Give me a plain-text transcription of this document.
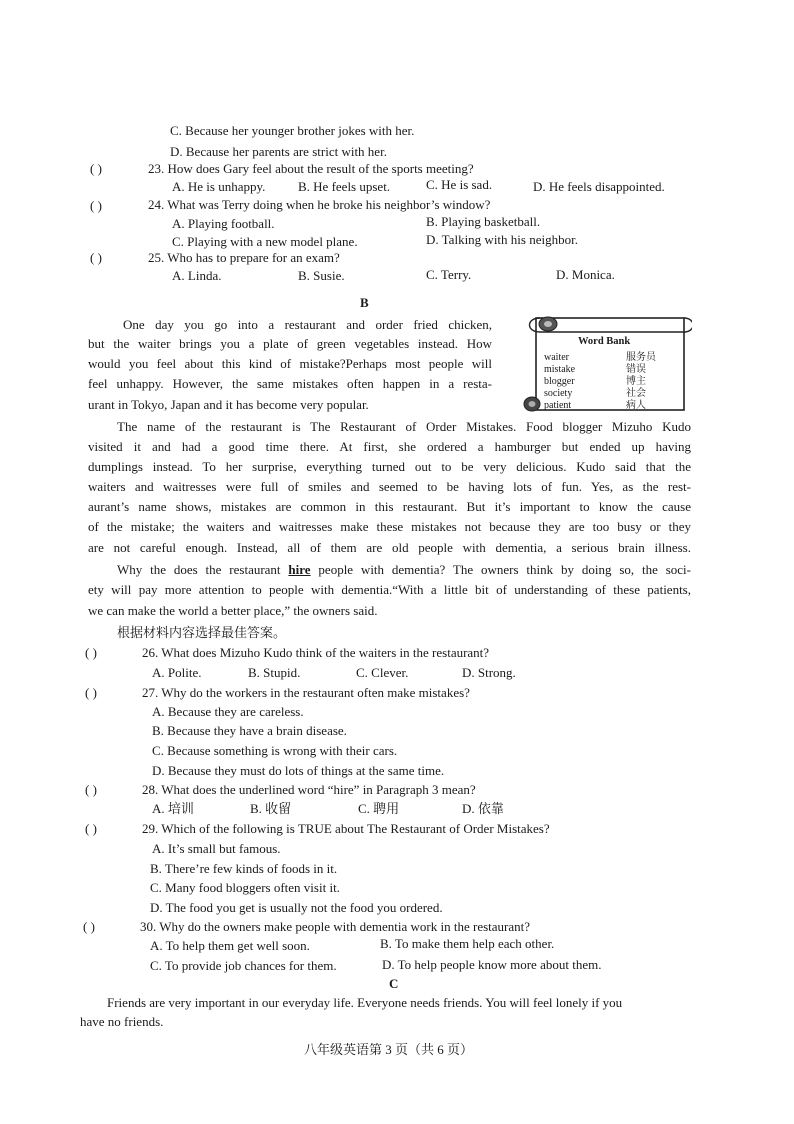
C. Because her younger brother jokes with her.
D. Because her parents are strict with her.
( )	23. How does Gary feel about the result of the sports meeting?
A. He is unhappy.	B. He feels upset.	C. He is sad.	D. He feels disappointed.
( )	24. What was Terry doing when he broke his neighbor’s window?
A. Playing football.	B. Playing basketball.
C. Playing with a new model plane.	D. Talking with his neighbor.
( )	25. Who has to prepare for an exam?
A. Linda.	B. Susie.	C. Terry.	D. Monica.
B
Word Bank
waiter	服务员
mistake	错误
blogger	博主
society	社会
patient	病人
One day you go into a restaurant and order fried chicken,
but the waiter brings you a plate of green vegetables instead. How
would you feel about this kind of mistake?Perhaps most people will
feel unhappy. However, the same mistakes often happen in a resta-
urant in Tokyo, Japan and it has become very popular.
The name of the restaurant is The Restaurant of Order Mistakes. Food blogger Mizuho Kudo
visited it and had a good time there. At first, she ordered a hamburger but ended up having
dumplings instead. To her surprise, everything turned out to be very delicious. Kudo said that the
waiters and waitresses were full of smiles and seemed to be having lots of fun. Yes, as the rest-
aurant’s name shows, mistakes are common in this restaurant. But it’s important to know the cause
of the mistake; the waiters and waitresses make these mistakes not because they are too busy or they
are not careful enough. Instead, all of them are old people with dementia, a serious brain illness.
Why the does the restaurant hire people with dementia? The owners think by doing so, the soci-
ety will pay more attention to people with dementia.“With a little bit of understanding of these patients,
we can make the world a better place,” the owners said.
根据材料内容选择最佳答案。
( )	26. What does Mizuho Kudo think of the waiters in the restaurant?
A. Polite.	B. Stupid.	C. Clever.	D. Strong.
( )	27. Why do the workers in the restaurant often make mistakes?
A. Because they are careless.
B. Because they have a brain disease.
C. Because something is wrong with their cars.
D. Because they must do lots of things at the same time.
( )	28. What does the underlined word “hire” in Paragraph 3 mean?
A. 培训	B. 收留	C. 聘用	D. 依靠
( )	29. Which of the following is TRUE about The Restaurant of Order Mistakes?
A. It’s small but famous.
B. There’re few kinds of foods in it.
C. Many food bloggers often visit it.
D. The food you get is usually not the food you ordered.
( )	30. Why do the owners make people with dementia work in the restaurant?
A. To help them get well soon.	B. To make them help each other.
C. To provide job chances for them.	D. To help people know more about them.
C
Friends are very important in our everyday life. Everyone needs friends. You will feel lonely if you
have no friends.
八年级英语第 3 页（共 6 页）
